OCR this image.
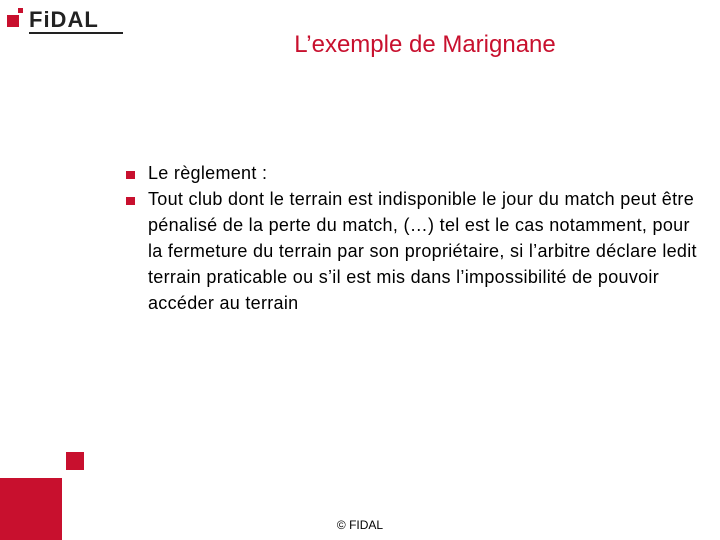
FiDAL
L’exemple de Marignane
Le règlement :
Tout club dont le terrain est indisponible le jour du match peut être pénalisé de la perte du match, (…) tel est le cas notamment, pour la fermeture du terrain par son propriétaire, si l’arbitre déclare ledit terrain praticable ou s’il est mis dans l’impossibilité de pouvoir accéder au terrain
© FIDAL
